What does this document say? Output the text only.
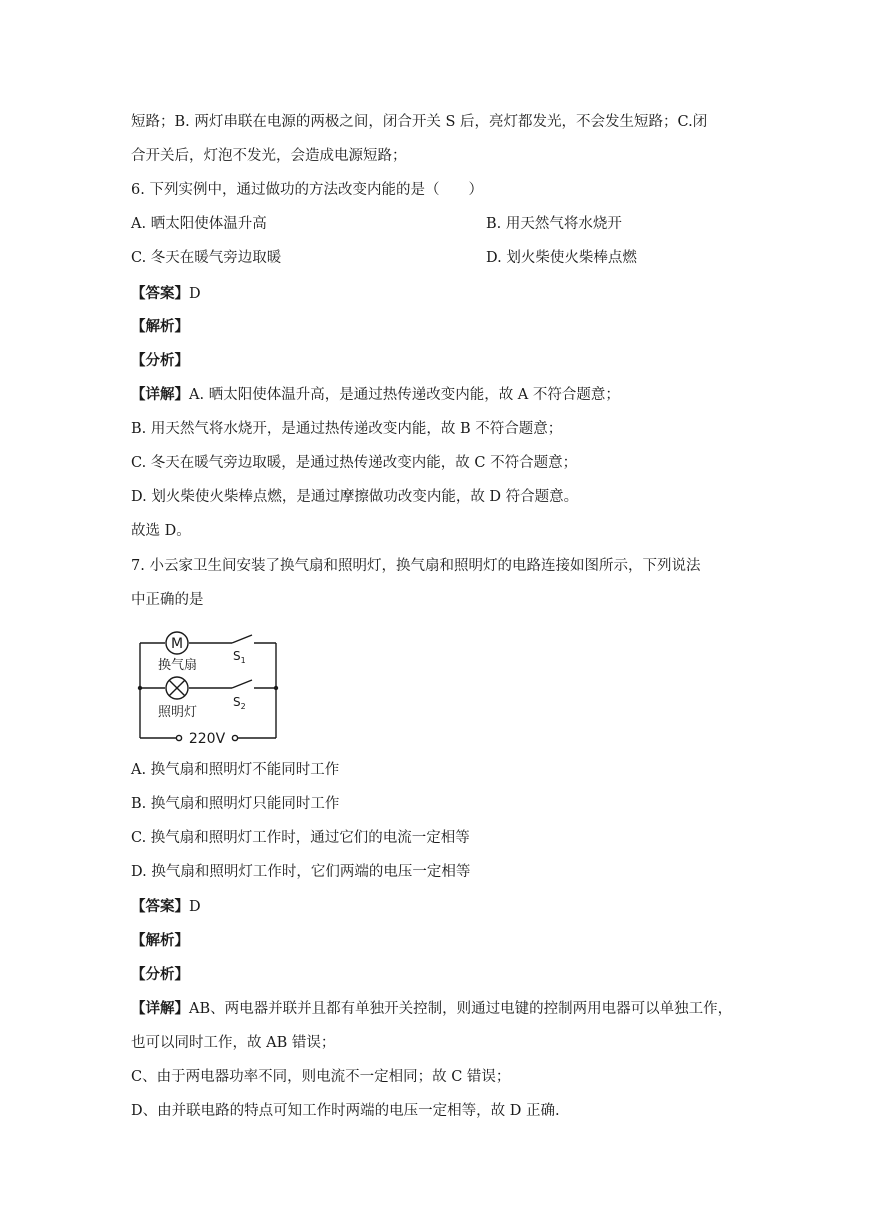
短路；B. 两灯串联在电源的两极之间，闭合开关 S 后，亮灯都发光，不会发生短路；C.闭
合开关后，灯泡不发光，会造成电源短路；
6. 下列实例中，通过做功的方法改变内能的是（　　）
A. 晒太阳使体温升高	B. 用天然气将水烧开
C. 冬天在暖气旁边取暖	D. 划火柴使火柴棒点燃
【答案】D
【解析】
【分析】
【详解】A. 晒太阳使体温升高，是通过热传递改变内能，故 A 不符合题意；
B. 用天然气将水烧开，是通过热传递改变内能，故 B 不符合题意；
C. 冬天在暖气旁边取暖，是通过热传递改变内能，故 C 不符合题意；
D. 划火柴使火柴棒点燃，是通过摩擦做功改变内能，故 D 符合题意。
故选 D。
7. 小云家卫生间安装了换气扇和照明灯，换气扇和照明灯的电路连接如图所示，下列说法
中正确的是
M
换气扇
照明灯
$S_1$
$S_2$
220V
A. 换气扇和照明灯不能同时工作
B. 换气扇和照明灯只能同时工作
C. 换气扇和照明灯工作时，通过它们的电流一定相等
D. 换气扇和照明灯工作时，它们两端的电压一定相等
【答案】D
【解析】
【分析】
【详解】AB、两电器并联并且都有单独开关控制，则通过电键的控制两用电器可以单独工作，
也可以同时工作，故 AB 错误；
C、由于两电器功率不同，则电流不一定相同；故 C 错误；
D、由并联电路的特点可知工作时两端的电压一定相等，故 D 正确.
